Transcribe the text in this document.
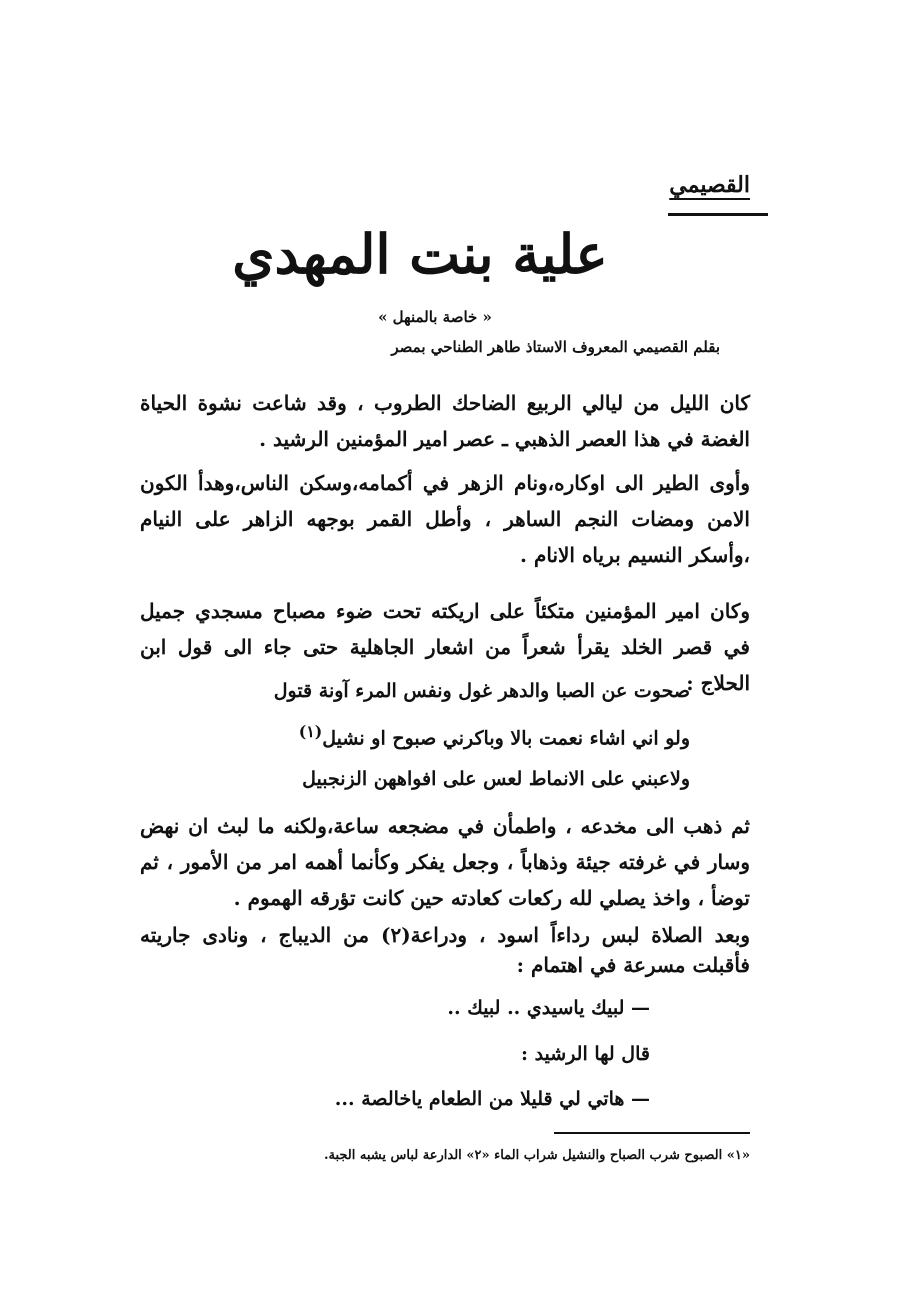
القصيمي
علية بنت المهدي
« خاصة بالمنهل »
بقلم القصيمي المعروف الاستاذ طاهر الطناحي بمصر
كان الليل من ليالي الربيع الضاحك الطروب ، وقد شاعت نشوة الحياة الغضة في هذا العصر الذهبي ـ عصر امير المؤمنين الرشيد .
وأوى الطير الى اوكاره،ونام الزهر في أكمامه،وسكن الناس،وهدأ الكون الامن ومضات النجم الساهر ، وأطل القمر بوجهه الزاهر على النيام ،وأسكر النسيم برياه الانام .
وكان امير المؤمنين متكئاً على اريكته تحت ضوء مصباح مسجدي جميل في قصر الخلد يقرأ شعراً من اشعار الجاهلية حتى جاء الى قول ابن الحلاج :
صحوت عن الصبا والدهر غول ونفس المرء آونة قتول
ولو اني اشاء نعمت بالا وباكرني صبوح او نشيل$^{(١)}$
ولاعبني على الانماط لعس على افواههن الزنجبيل
ثم ذهب الى مخدعه ، واطمأن في مضجعه ساعة،ولكنه ما لبث ان نهض وسار في غرفته جيئة وذهاباً ، وجعل يفكر وكأنما أهمه امر من الأمور ، ثم توضأ ، واخذ يصلي لله ركعات كعادته حين كانت تؤرقه الهموم .
وبعد الصلاة لبس رداءاً اسود ، ودراعة(٢) من الديباج ، ونادى جاريته فأقبلت مسرعة في اهتمام :
— لبيك ياسيدي .. لبيك ..
قال لها الرشيد :
— هاتي لي قليلا من الطعام ياخالصة ...
«١» الصبوح شرب الصباح والنشيل شراب الماء «٢» الدارعة لباس يشبه الجبة.
